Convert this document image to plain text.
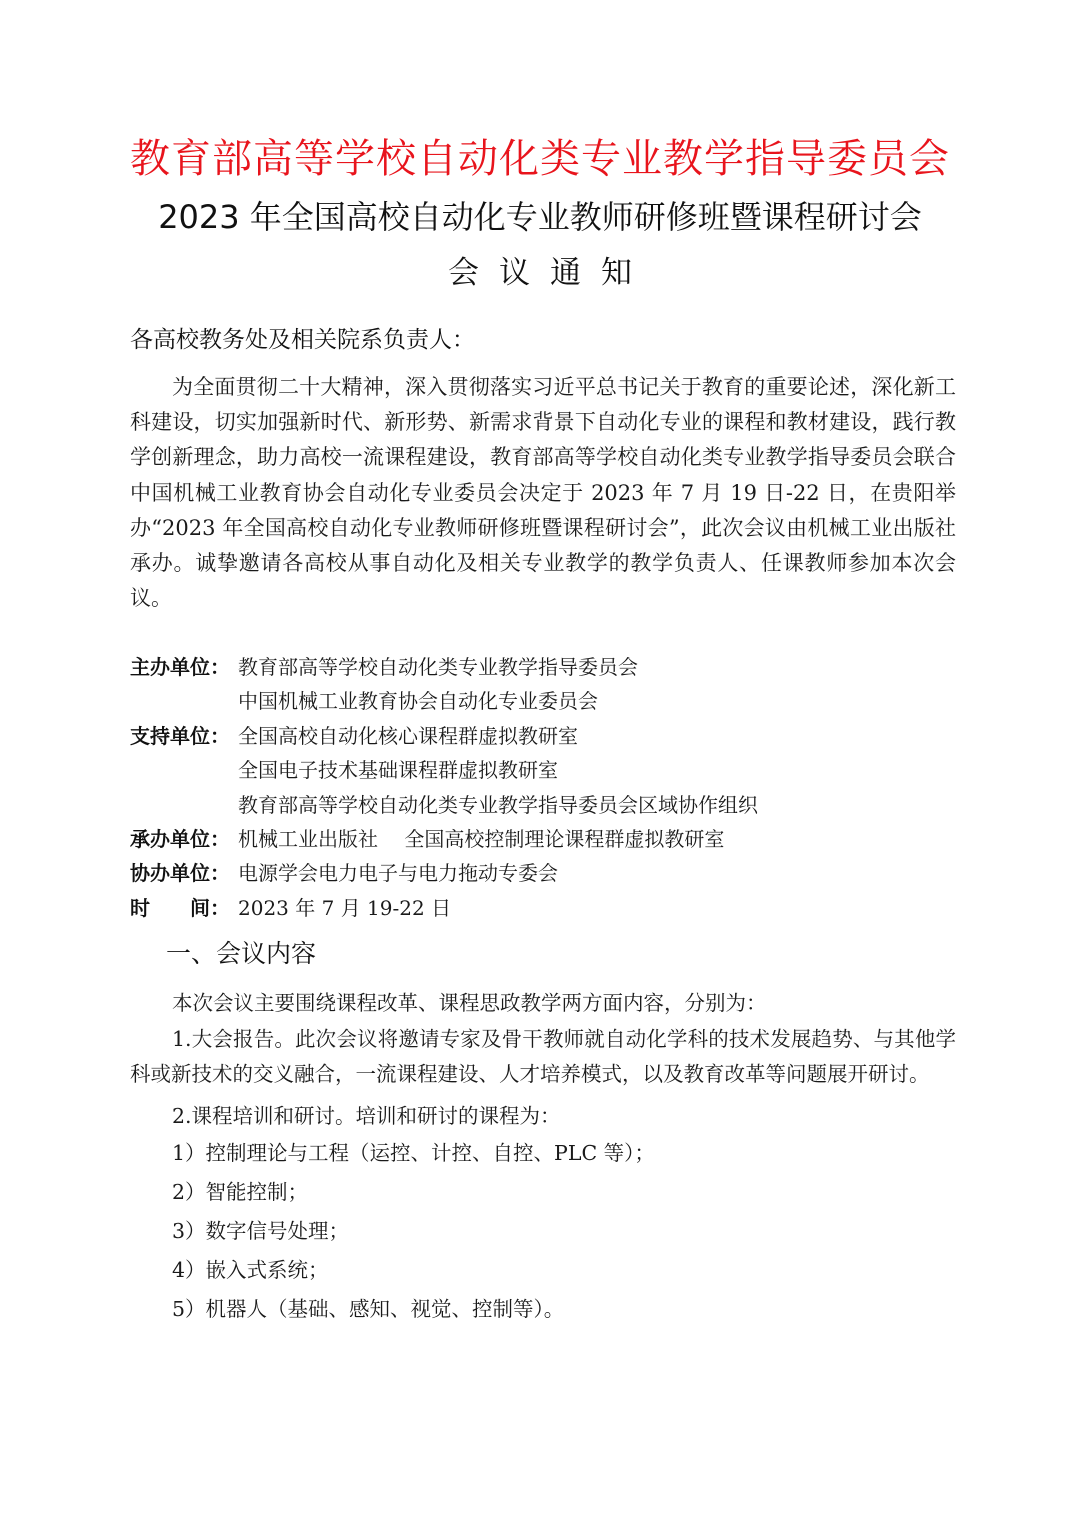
教育部高等学校自动化类专业教学指导委员会
2023 年全国高校自动化专业教师研修班暨课程研讨会
会议通知
各高校教务处及相关院系负责人：

为全面贯彻二十大精神，深入贯彻落实习近平总书记关于教育的重要论述，深化新工科建设，切实加强新时代、新形势、新需求背景下自动化专业的课程和教材建设，践行教学创新理念，助力高校一流课程建设，教育部高等学校自动化类专业教学指导委员会联合中国机械工业教育协会自动化专业委员会决定于 2023 年 7 月 19 日-22 日，在贵阳举办“2023 年全国高校自动化专业教师研修班暨课程研讨会”，此次会议由机械工业出版社承办。诚挚邀请各高校从事自动化及相关专业教学的教学负责人、任课教师参加本次会议。

主办单位： 教育部高等学校自动化类专业教学指导委员会
中国机械工业教育协会自动化专业委员会
支持单位： 全国高校自动化核心课程群虚拟教研室
全国电子技术基础课程群虚拟教研室
教育部高等学校自动化类专业教学指导委员会区域协作组织
承办单位： 机械工业出版社　 全国高校控制理论课程群虚拟教研室
协办单位： 电源学会电力电子与电力拖动专委会
时　　间： 2023 年 7 月 19-22 日
一、会议内容

本次会议主要围绕课程改革、课程思政教学两方面内容，分别为：

1.大会报告。此次会议将邀请专家及骨干教师就自动化学科的技术发展趋势、与其他学科或新技术的交义融合，一流课程建设、人才培养模式，以及教育改革等问题展开研讨。

2.课程培训和研讨。培训和研讨的课程为：

1）控制理论与工程（运控、计控、自控、PLC 等）；

2）智能控制；

3）数字信号处理；

4）嵌入式系统；

5）机器人（基础、感知、视觉、控制等）。
